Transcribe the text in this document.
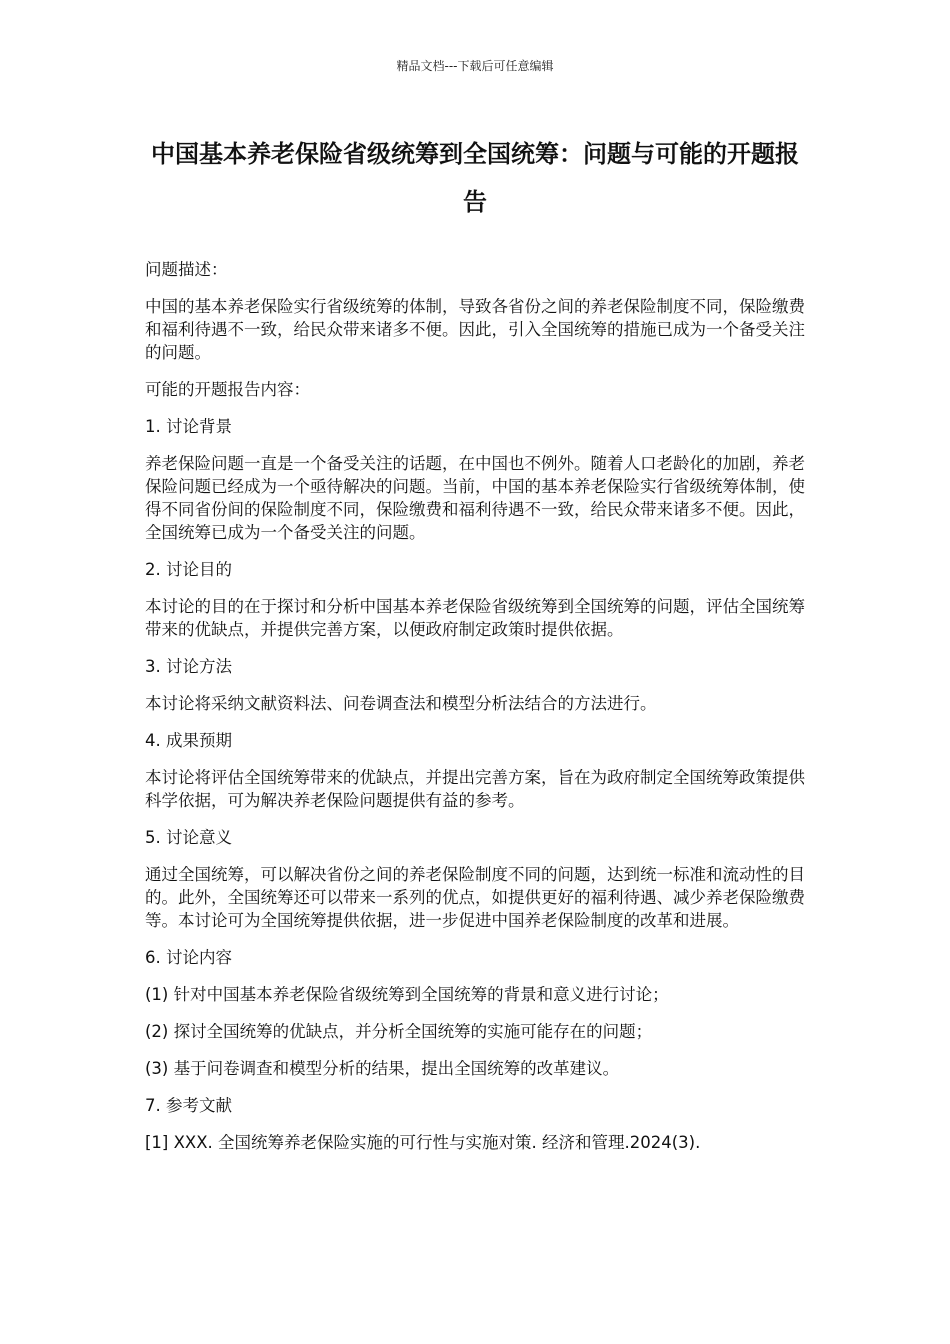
精品文档---下载后可任意编辑
中国基本养老保险省级统筹到全国统筹：问题与可能的开题报告

问题描述：

中国的基本养老保险实行省级统筹的体制，导致各省份之间的养老保险制度不同，保险缴费和福利待遇不一致，给民众带来诸多不便。因此，引入全国统筹的措施已成为一个备受关注的问题。

可能的开题报告内容：

1. 讨论背景

养老保险问题一直是一个备受关注的话题，在中国也不例外。随着人口老龄化的加剧，养老保险问题已经成为一个亟待解决的问题。当前，中国的基本养老保险实行省级统筹体制，使得不同省份间的保险制度不同，保险缴费和福利待遇不一致，给民众带来诸多不便。因此，全国统筹已成为一个备受关注的问题。

2. 讨论目的

本讨论的目的在于探讨和分析中国基本养老保险省级统筹到全国统筹的问题，评估全国统筹带来的优缺点，并提供完善方案，以便政府制定政策时提供依据。

3. 讨论方法

本讨论将采纳文献资料法、问卷调查法和模型分析法结合的方法进行。

4. 成果预期

本讨论将评估全国统筹带来的优缺点，并提出完善方案，旨在为政府制定全国统筹政策提供科学依据，可为解决养老保险问题提供有益的参考。

5. 讨论意义

通过全国统筹，可以解决省份之间的养老保险制度不同的问题，达到统一标准和流动性的目的。此外，全国统筹还可以带来一系列的优点，如提供更好的福利待遇、减少养老保险缴费等。本讨论可为全国统筹提供依据，进一步促进中国养老保险制度的改革和进展。

6. 讨论内容

(1) 针对中国基本养老保险省级统筹到全国统筹的背景和意义进行讨论；

(2) 探讨全国统筹的优缺点，并分析全国统筹的实施可能存在的问题；

(3) 基于问卷调查和模型分析的结果，提出全国统筹的改革建议。

7. 参考文献

[1] XXX. 全国统筹养老保险实施的可行性与实施对策. 经济和管理.2024(3).
